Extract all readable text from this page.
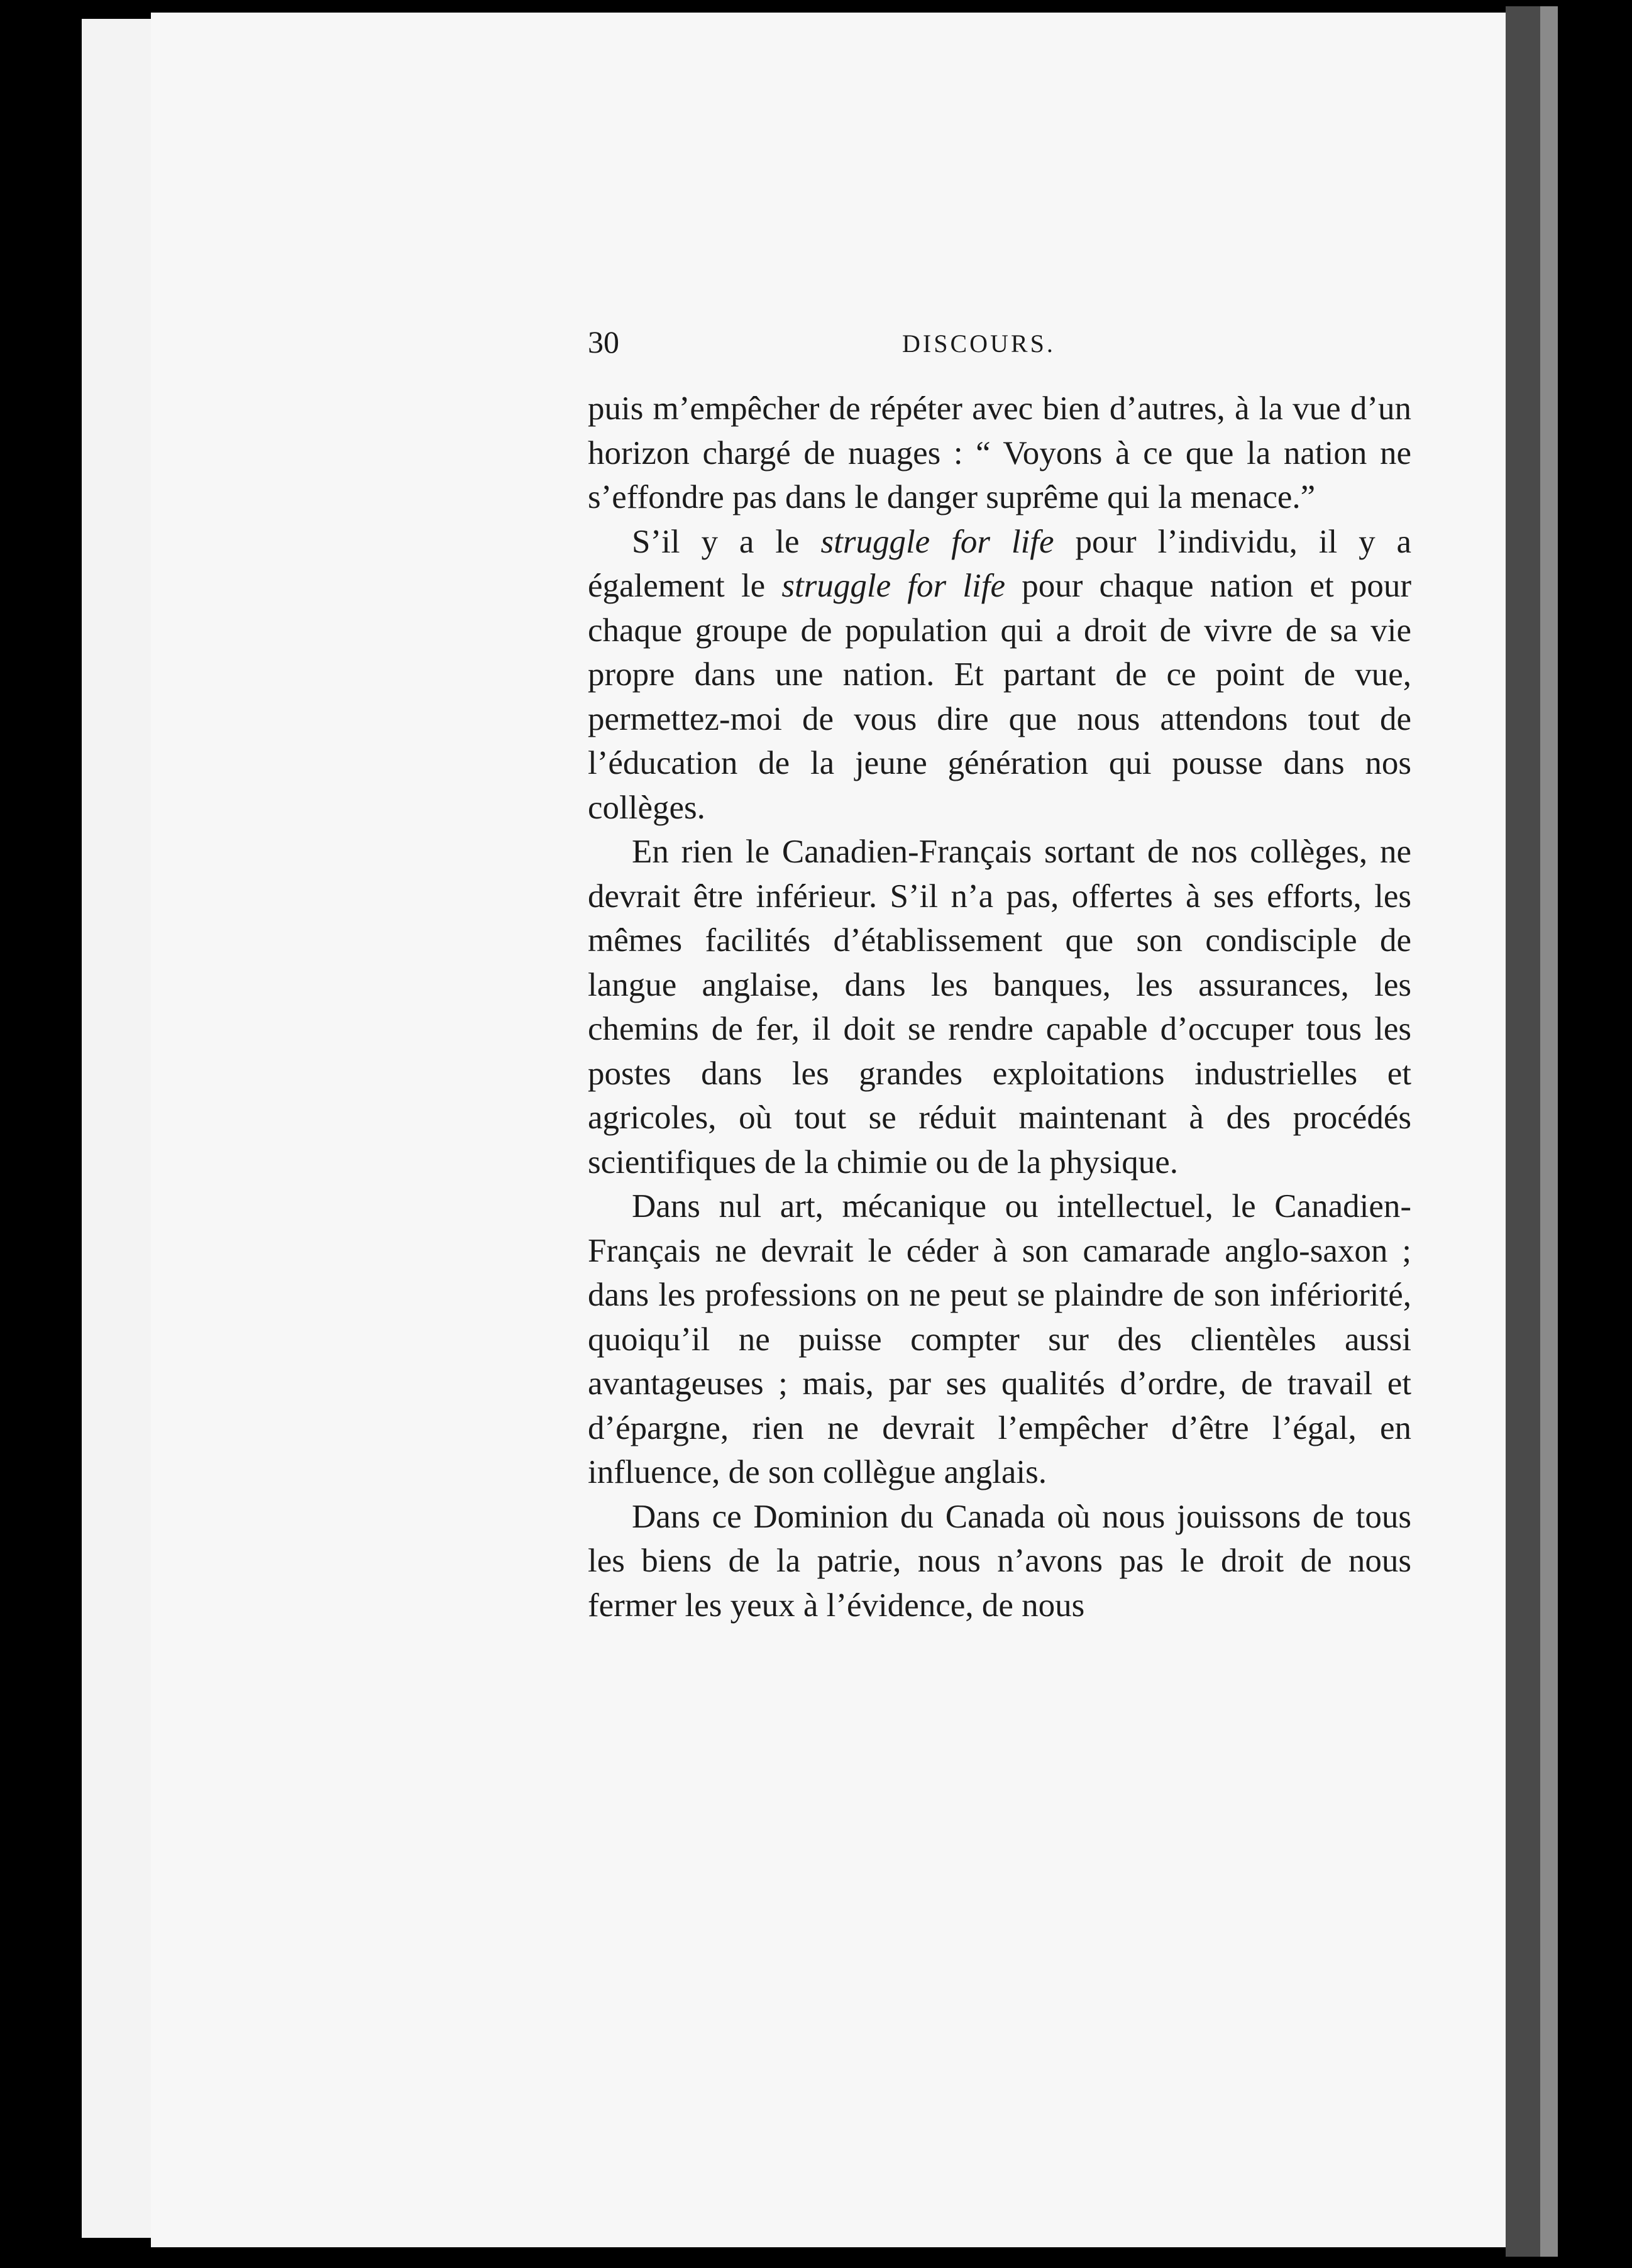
30	DISCOURS.

puis m’empêcher de répéter avec bien d’autres, à la vue d’un horizon chargé de nuages : “ Voyons à ce que la nation ne s’effondre pas dans le danger suprême qui la menace.”

S’il y a le struggle for life pour l’individu, il y a également le struggle for life pour chaque nation et pour chaque groupe de population qui a droit de vivre de sa vie propre dans une nation. Et partant de ce point de vue, permettez-moi de vous dire que nous attendons tout de l’éducation de la jeune génération qui pousse dans nos collèges.

En rien le Canadien-Français sortant de nos collèges, ne devrait être inférieur. S’il n’a pas, offertes à ses efforts, les mêmes facilités d’établissement que son condisciple de langue anglaise, dans les banques, les assurances, les chemins de fer, il doit se rendre capable d’occuper tous les postes dans les grandes exploitations industrielles et agricoles, où tout se réduit maintenant à des procédés scientifiques de la chimie ou de la physique.

Dans nul art, mécanique ou intellectuel, le Canadien-Français ne devrait le céder à son camarade anglo-saxon ; dans les professions on ne peut se plaindre de son infériorité, quoiqu’il ne puisse compter sur des clientèles aussi avantageuses ; mais, par ses qualités d’ordre, de travail et d’épargne, rien ne devrait l’empêcher d’être l’égal, en influence, de son collègue anglais.

Dans ce Dominion du Canada où nous jouissons de tous les biens de la patrie, nous n’avons pas le droit de nous fermer les yeux à l’évidence, de nous
